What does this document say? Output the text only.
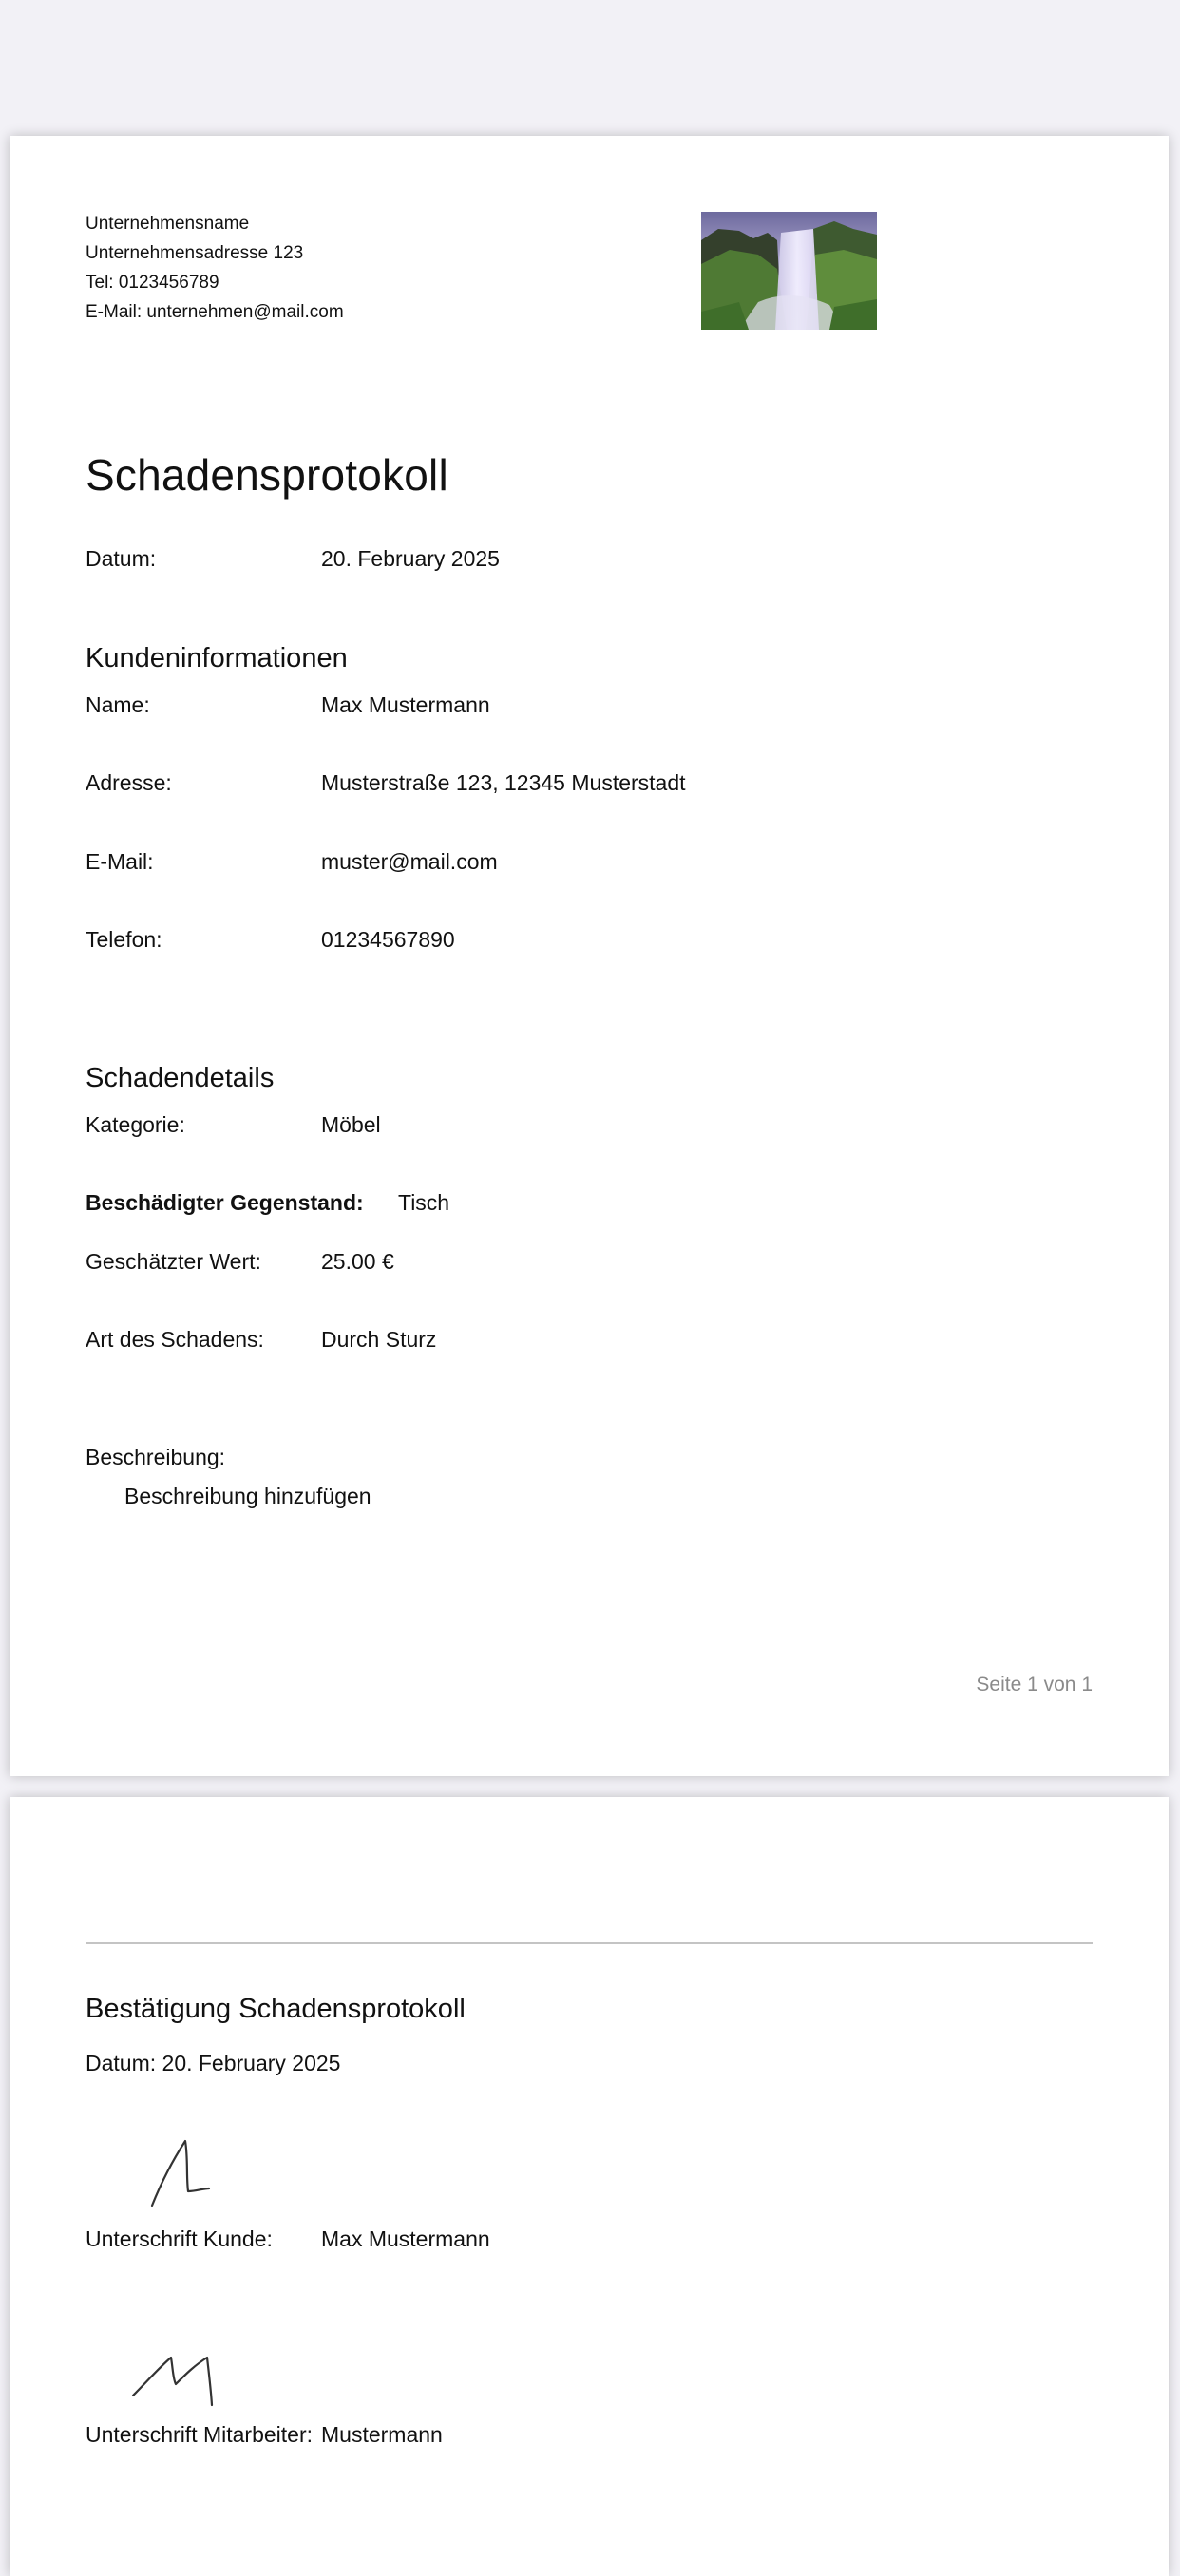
Unternehmensname
Unternehmensadresse 123
Tel: 0123456789
E-Mail: unternehmen@mail.com
Schadensprotokoll
Datum:	20. February 2025
Kundeninformationen
Name:	Max Mustermann
Adresse:	Musterstraße 123, 12345 Musterstadt
E-Mail:	muster@mail.com
Telefon:	01234567890
Schadendetails
Kategorie:	Möbel
Beschädigter Gegenstand: Tisch
Geschätzter Wert:	25.00 €
Art des Schadens:	Durch Sturz
Beschreibung:
Beschreibung hinzufügen
Seite 1 von 1
Bestätigung Schadensprotokoll
Datum: 20. February 2025
Unterschrift Kunde: Max Mustermann
Unterschrift Mitarbeiter: Mustermann
